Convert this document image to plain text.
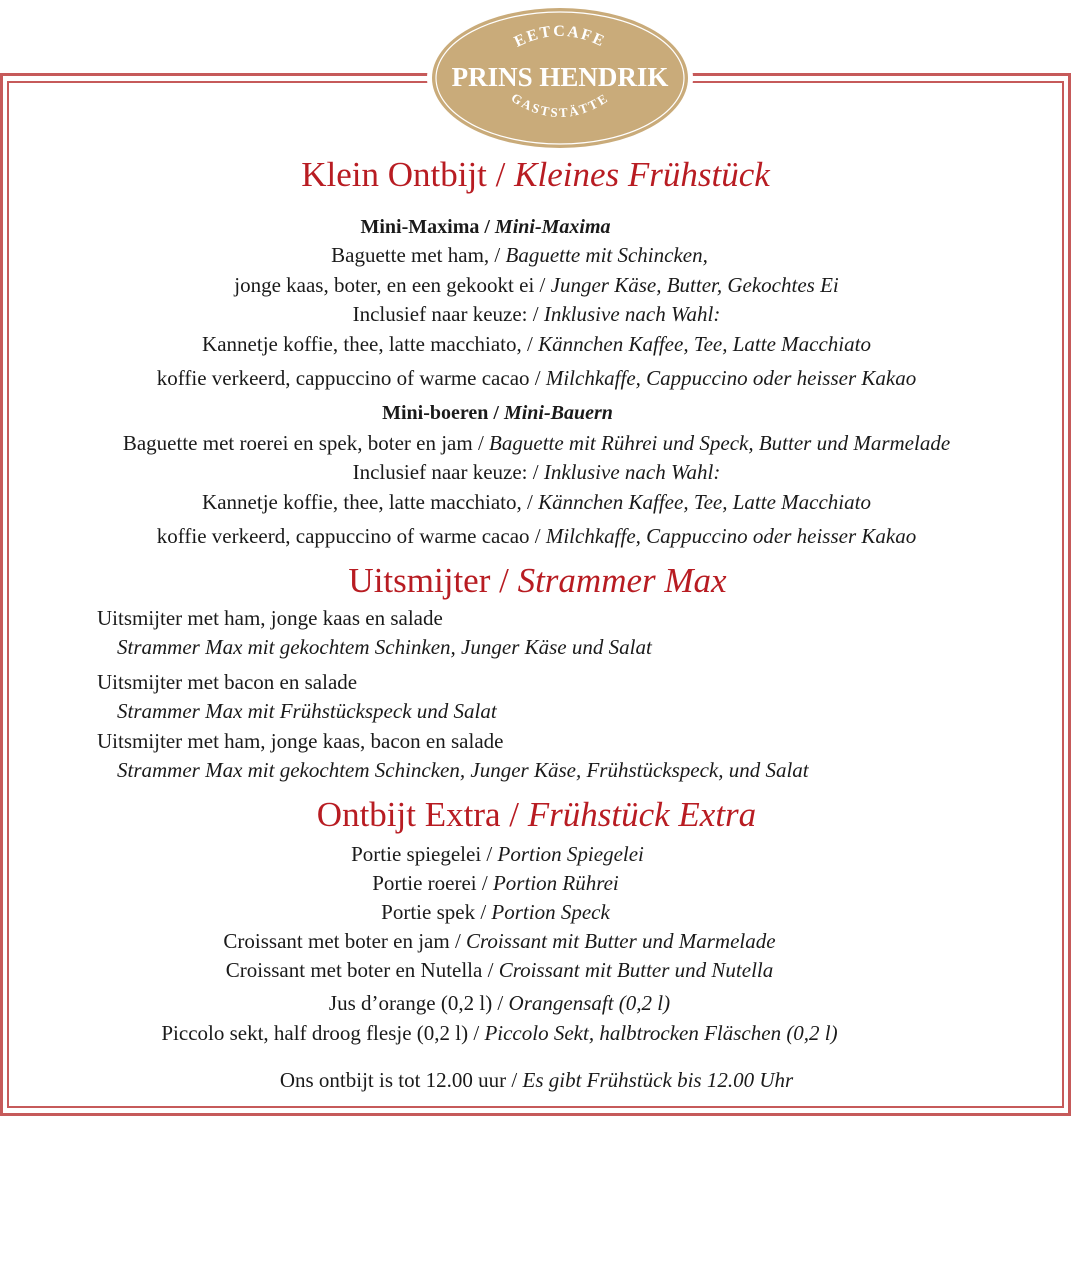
EETCAFE
PRINS HENDRIK
GASTSTÄTTE
Klein Ontbijt / Kleines Frühstück
Mini-Maxima / Mini-Maxima
Baguette met ham, / Baguette mit Schincken,
jonge kaas, boter, en een gekookt ei / Junger Käse, Butter, Gekochtes Ei
Inclusief naar keuze: / Inklusive nach Wahl:
Kannetje koffie, thee, latte macchiato, / Kännchen Kaffee, Tee, Latte Macchiato
koffie verkeerd, cappuccino of warme cacao / Milchkaffe, Cappuccino oder heisser Kakao
Mini-boeren / Mini-Bauern
Baguette met roerei en spek, boter en jam / Baguette mit Rührei und Speck, Butter und Marmelade
Inclusief naar keuze: / Inklusive nach Wahl:
Kannetje koffie, thee, latte macchiato, / Kännchen Kaffee, Tee, Latte Macchiato
koffie verkeerd, cappuccino of warme cacao / Milchkaffe, Cappuccino oder heisser Kakao
Uitsmijter / Strammer Max
Uitsmijter met ham, jonge kaas en salade
Strammer Max mit gekochtem Schinken, Junger Käse und Salat
Uitsmijter met bacon en salade
Strammer Max mit Frühstückspeck und Salat
Uitsmijter met ham, jonge kaas, bacon en salade
Strammer Max mit gekochtem Schincken, Junger Käse, Frühstückspeck, und Salat
Ontbijt Extra / Frühstück Extra
Portie spiegelei / Portion Spiegelei
Portie roerei / Portion Rührei
Portie spek / Portion Speck
Croissant met boter en jam / Croissant mit Butter und Marmelade
Croissant met boter en Nutella / Croissant mit Butter und Nutella
Jus d’orange (0,2 l) / Orangensaft (0,2 l)
Piccolo sekt, half droog flesje (0,2 l) / Piccolo Sekt, halbtrocken Fläschen (0,2 l)
Ons ontbijt is tot 12.00 uur / Es gibt Frühstück bis 12.00 Uhr
